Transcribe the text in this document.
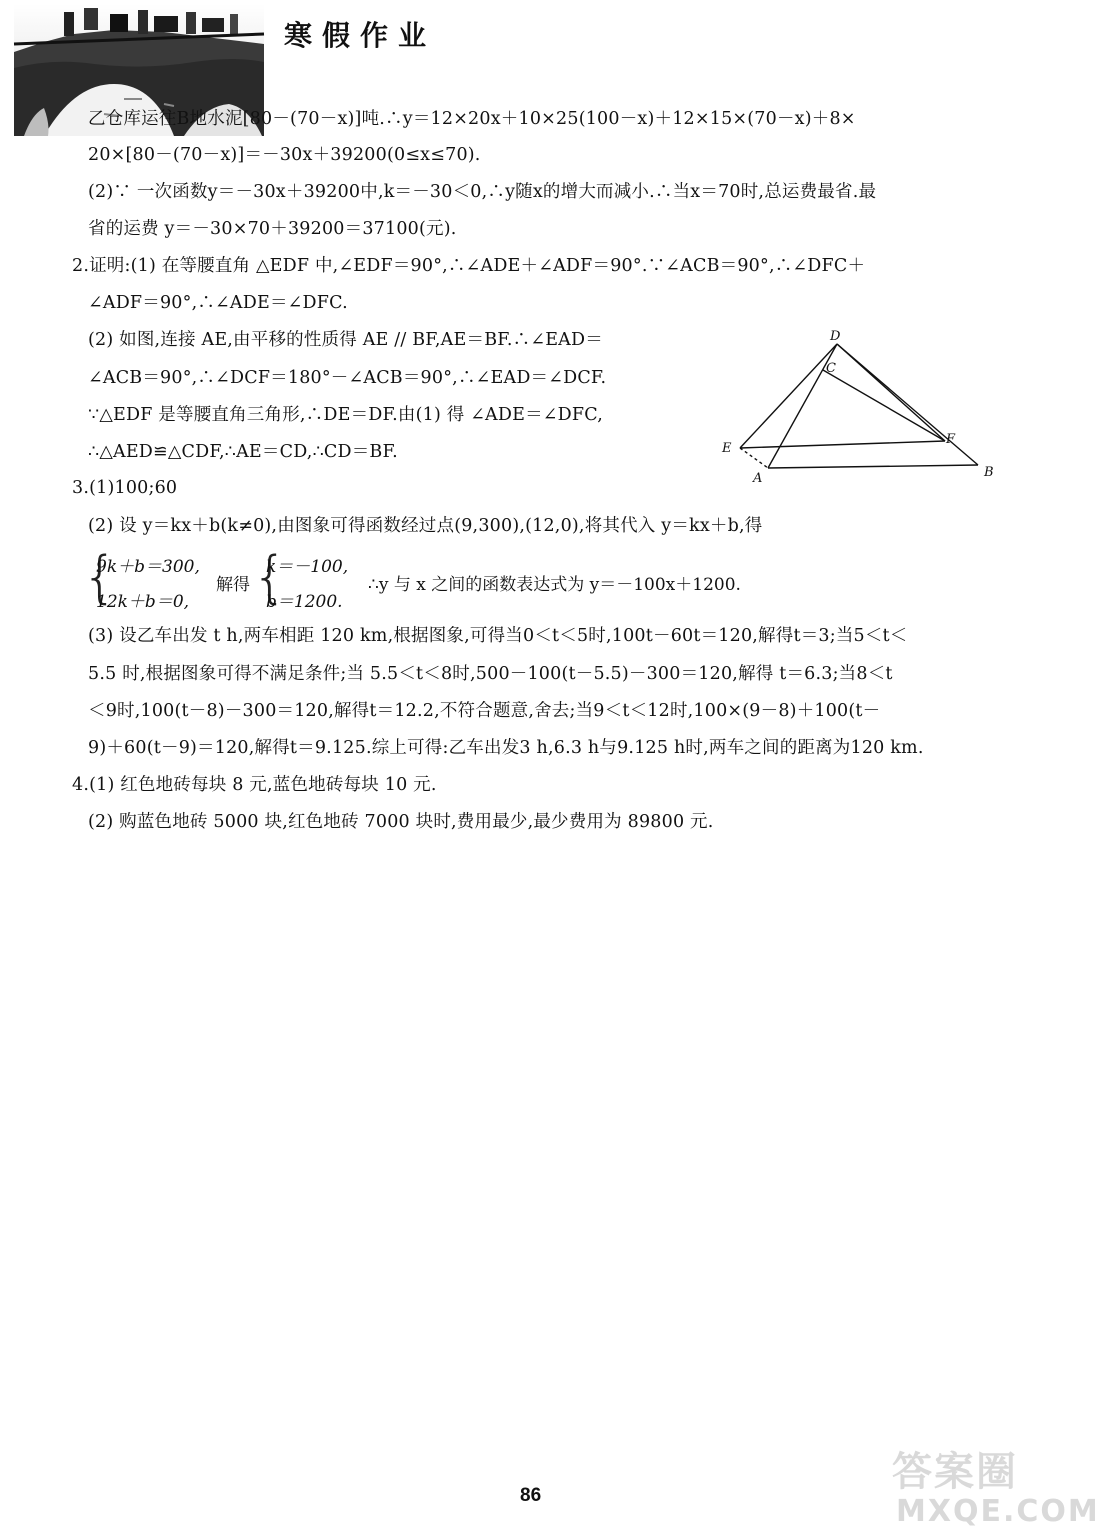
寒假作业
乙仓库运往B地水泥[80－(70－x)]吨.∴y＝12×20x＋10×25(100－x)＋12×15×(70－x)＋8×
20×[80－(70－x)]＝－30x＋39200(0≤x≤70).
(2)∵ 一次函数y＝－30x＋39200中,k＝－30＜0,∴y随x的增大而减小.∴当x＝70时,总运费最省.最
省的运费 y＝－30×70＋39200＝37100(元).
2.证明:(1) 在等腰直角 △EDF 中,∠EDF＝90°,∴∠ADE＋∠ADF＝90°.∵∠ACB＝90°,∴∠DFC＋
∠ADF＝90°,∴∠ADE＝∠DFC.
(2) 如图,连接 AE,由平移的性质得 AE // BF,AE＝BF.∴∠EAD＝
∠ACB＝90°,∴∠DCF＝180°－∠ACB＝90°,∴∠EAD＝∠DCF.
∵△EDF 是等腰直角三角形,∴DE＝DF.由(1) 得 ∠ADE＝∠DFC,
∴△AED≌△CDF,∴AE＝CD,∴CD＝BF.
3.(1)100;60
(2) 设 y＝kx＋b(k≠0),由图象可得函数经过点(9,300),(12,0),将其代入 y＝kx＋b,得
{
9k＋b＝300,
12k＋b＝0,
解得 {
k＝－100,
b＝1200.
∴y 与 x 之间的函数表达式为 y＝－100x＋1200.
(3) 设乙车出发 t h,两车相距 120 km,根据图象,可得当0＜t＜5时,100t－60t＝120,解得t＝3;当5＜t＜
5.5 时,根据图象可得不满足条件;当 5.5＜t＜8时,500－100(t－5.5)－300＝120,解得 t＝6.3;当8＜t
＜9时,100(t－8)－300＝120,解得t＝12.2,不符合题意,舍去;当9＜t＜12时,100×(9－8)＋100(t－
9)＋60(t－9)＝120,解得t＝9.125.综上可得:乙车出发3 h,6.3 h与9.125 h时,两车之间的距离为120 km.
4.(1) 红色地砖每块 8 元,蓝色地砖每块 10 元.
(2) 购蓝色地砖 5000 块,红色地砖 7000 块时,费用最少,最少费用为 89800 元.
D
C
F
E
A	B
86
答案圈
MXQE.COM
